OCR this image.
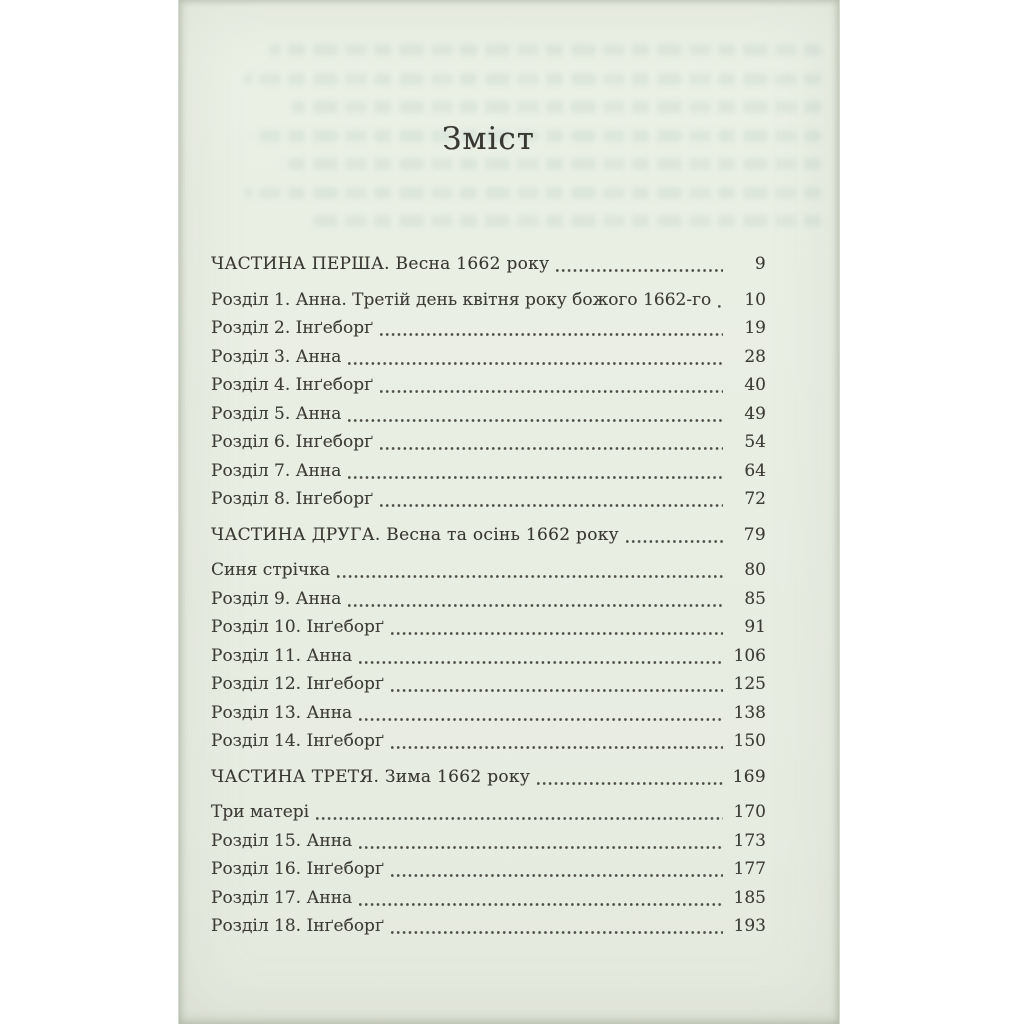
Зміст
ЧАСТИНА ПЕРША. Весна 1662 року	9
Розділ 1. Анна. Третій день квітня року божого 1662-го	10
Розділ 2. Інґеборґ	19
Розділ 3. Анна	28
Розділ 4. Інґеборґ	40
Розділ 5. Анна	49
Розділ 6. Інґеборґ	54
Розділ 7. Анна	64
Розділ 8. Інґеборґ	72
ЧАСТИНА ДРУГА. Весна та осінь 1662 року	79
Синя стрічка	80
Розділ 9. Анна	85
Розділ 10. Інґеборґ	91
Розділ 11. Анна	106
Розділ 12. Інґеборґ	125
Розділ 13. Анна	138
Розділ 14. Інґеборґ	150
ЧАСТИНА ТРЕТЯ. Зима 1662 року	169
Три матері	170
Розділ 15. Анна	173
Розділ 16. Інґеборґ	177
Розділ 17. Анна	185
Розділ 18. Інґеборґ	193
